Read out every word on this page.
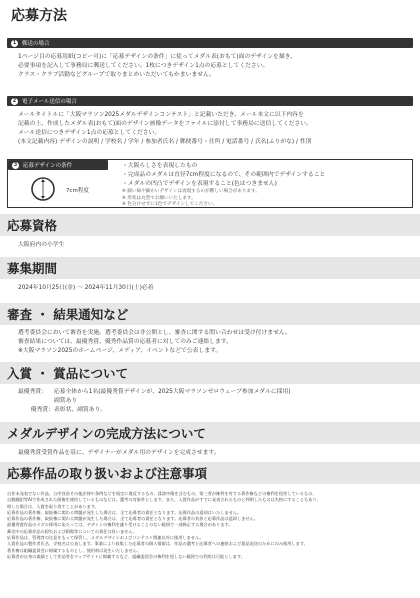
応募方法
1	郵送の場合
1ページ目の応募用紙(コピー可)に「応募デザインの条件」に従ってメダル表(おもて)面のデザインを描き、
必要事項を記入して事務局に郵送してください。1枚につきデザイン1点の応募としてください。
クラス・クラブ活動などグループで取りまとめいただいてもかまいません。
2	電子メール送信の場合
メールタイトルに「大阪マラソン2025メダルデザインコンテスト」と記載いただき、メール本文に以下内容を
記載の上、作成したメダル表(おもて)面のデザイン画像データをファイルに添付して事務局に送信してください。
メール送信につきデザイン1点の応募としてください。
(本文記載内容) デザインの説明 / 学校名 / 学年 / 参加者氏名 / 郵便番号・住所 / 電話番号 / 氏名(ふりがな) / 性別
3	応募デザインの条件
7cm程度
・大阪らしさを表現したもの
・完成品のメダルは直径7cm程度になるので、その範囲内でデザインすること
・メダルの凹凸でデザインを表現すること(色はつきません)
※ 細い線や細かいデザインは再現するのが難しい場合があります。
※ 形状は丸型でお願いいたします。
※ 色分けせずに1色でデザインしてください。
応募資格
大阪府内の小学生
募集期間
2024年10月25日(金) 〜 2024年11月30日(土)必着
審査 ・ 結果通知など
選考委員会において審査を実施。選考委員会は非公開とし、審査に関する問い合わせは受け付けません。
審査結果については、最優秀賞、優秀作品賞の応募者に対してのみご連絡します。
※大阪マラソン2025のホームページ、メディア、イベントなどで公表します。
入賞 ・ 賞品について
最優秀賞： 応募全体から1名(最優秀賞デザインが、2025大阪マラソンゼロウェーブ参加メダルに採用)
副賞あり
優秀賞：表彰状、副賞あり。
メダルデザインの完成方法について
最優秀賞受賞作品を基に、デザイナーがメダル用のデザインを完成させます。
応募作品の取り扱いおよび注意事項
自作未発表でない作品、公序良俗その他法律や条例などを規定に違反するもの、誹謗中傷を含むもの、第三者が権利を有する著作権などの権利を侵害しているもの、
自動翻訳等AIで作成された画像を使用しているものなどは、選考の対象外とします。また、入賞作品がすでに発表されたものと判明したものは失格にすることもあり、
明した場合は、入賞を取り消すことがあります。
応募作品の著作権、取扱権に関わる問題が発生した場合は、全て応募者の責任となります。応募作品の返却はいたしません。
応募作品の著作権、取扱権に関わる問題が発生した場合は、全て応募者の責任となります。応募者の負担と応募作品は返却しません。
最優秀賞作品のメダル採用にあたっては、デザインの権利を譲り受けることのない範囲で一部修正する場合があります。
郵送中の応募作品の紛失および損傷等についての責任は負いません。
応募作品は、管理者の注意をもって保管し、メダルデザインおよびコンテスト関連以外に使用しません。
入賞作品の製作者氏名、学校名は公表します。事業により収集した応募者の個人情報は、作品の選考と応募者への連絡および賞品発送のためにのみ使用します。
著作権は組織委員会に帰属するものとし、使用料は発生いたしません。
応募者が自身の業績として作品等をウェブサイトに掲載するなど、組織委員会の権利を侵しない範囲での利用は可能とします。
